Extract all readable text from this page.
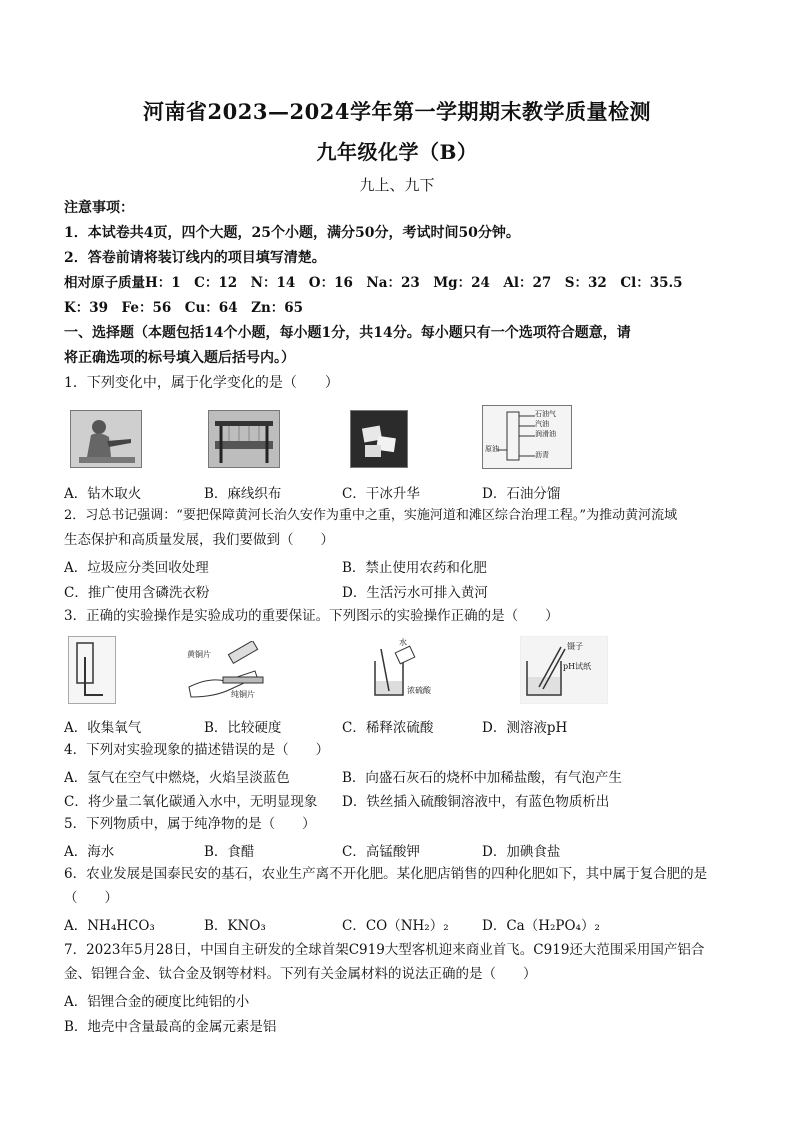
河南省2023—2024学年第一学期期末教学质量检测
九年级化学（B）
九上、九下
注意事项：
1．本试卷共4页，四个大题，25个小题，满分50分，考试时间50分钟。
2．答卷前请将装订线内的项目填写清楚。
相对原子质量H：1　C：12　N：14　O：16　Na：23　Mg：24　Al：27　S：32　Cl：35.5
K：39　Fe：56　Cu：64　Zn：65
一、选择题（本题包括14个小题，每小题1分，共14分。每小题只有一个选项符合题意，请
将正确选项的标号填入题后括号内。）
1．下列变化中，属于化学变化的是（　　）
石油气
汽油
润滑油
沥青
原油
A．钻木取火	B．麻线织布	C．干冰升华	D．石油分馏
2．习总书记强调：“要把保障黄河长治久安作为重中之重，实施河道和滩区综合治理工程。”为推动黄河流域
生态保护和高质量发展，我们要做到（　　）
A．垃圾应分类回收处理	B．禁止使用农药和化肥
C．推广使用含磷洗衣粉	D．生活污水可排入黄河
3．正确的实验操作是实验成功的重要保证。下列图示的实验操作正确的是（　　）
黄铜片
纯铜片
水
浓硫酸
镊子
pH试纸
A．收集氧气	B．比较硬度	C．稀释浓硫酸	D．测溶液pH
4．下列对实验现象的描述错误的是（　　）
A．氢气在空气中燃烧，火焰呈淡蓝色	B．向盛石灰石的烧杯中加稀盐酸，有气泡产生
C．将少量二氧化碳通入水中，无明显现象 D．铁丝插入硫酸铜溶液中，有蓝色物质析出
5．下列物质中，属于纯净物的是（　　）
A．海水	B．食醋	C．高锰酸钾	D．加碘食盐
6．农业发展是国泰民安的基石，农业生产离不开化肥。某化肥店销售的四种化肥如下，其中属于复合肥的是
（　　）
A．NH₄HCO₃	B．KNO₃	C．CO（NH₂）₂ D．Ca（H₂PO₄）₂
7．2023年5月28日，中国自主研发的全球首架C919大型客机迎来商业首飞。C919还大范围采用国产铝合
金、铝锂合金、钛合金及钢等材料。下列有关金属材料的说法正确的是（　　）
A．铝锂合金的硬度比纯铝的小
B．地壳中含量最高的金属元素是铝
